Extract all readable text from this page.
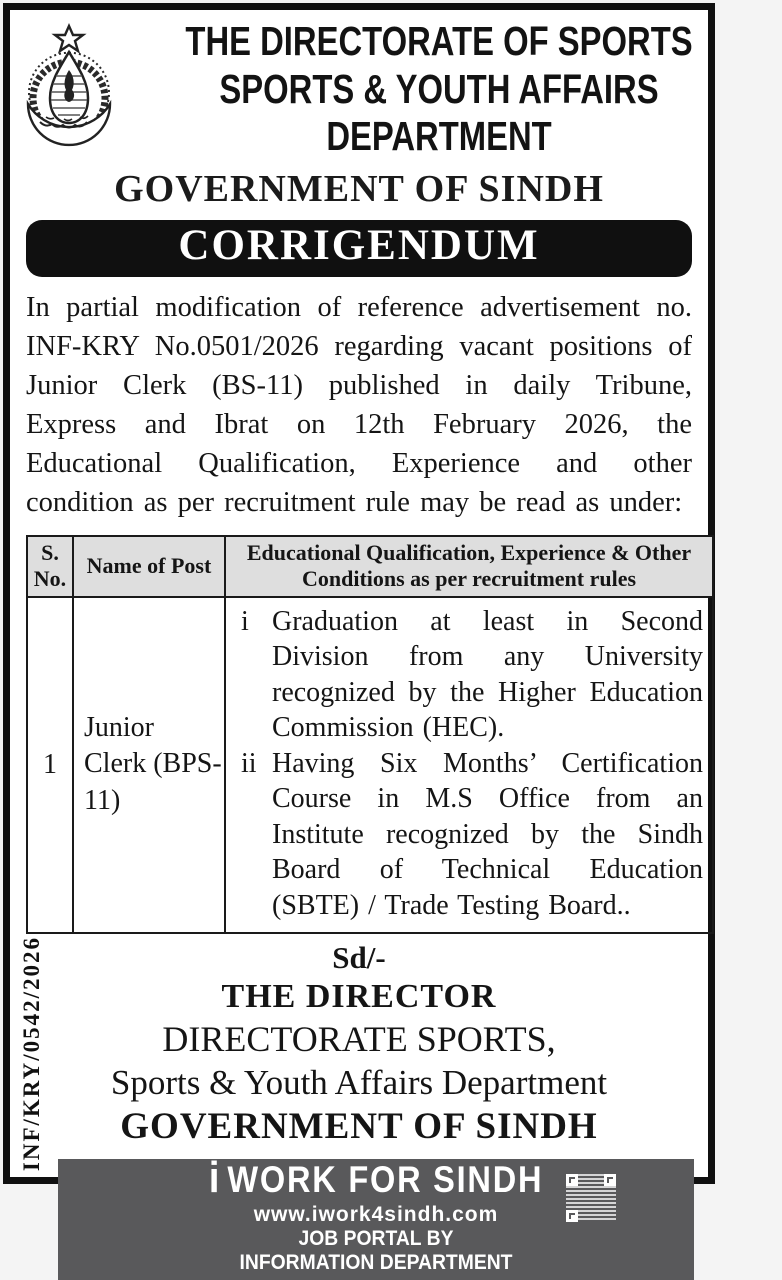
THE DIRECTORATE OF SPORTS
SPORTS & YOUTH AFFAIRS
DEPARTMENT
GOVERNMENT OF SINDH
CORRIGENDUM
In partial modification of reference advertisement no. INF-KRY No.0501/2026 regarding vacant positions of Junior Clerk (BS-11) published in daily Tribune, Express and Ibrat on 12th February 2026, the Educational Qualification, Experience and other condition as per recruitment rule may be read as under:
S. No.	Name of Post	Educational Qualification, Experience & Other Conditions as per recruitment rules
1	Junior Clerk (BPS-11)	i Graduation at least in Second Division from any University recognized by the Higher Education Commission (HEC).
ii Having Six Months’ Certification Course in M.S Office from an Institute recognized by the Sindh Board of Technical Education (SBTE) / Trade Testing Board..
Sd/-
THE DIRECTOR
DIRECTORATE SPORTS,
Sports & Youth Affairs Department
GOVERNMENT OF SINDH
i WORK FOR SINDH
www.iwork4sindh.com
JOB PORTAL BY
INFORMATION DEPARTMENT
INF/KRY/0542/2026
